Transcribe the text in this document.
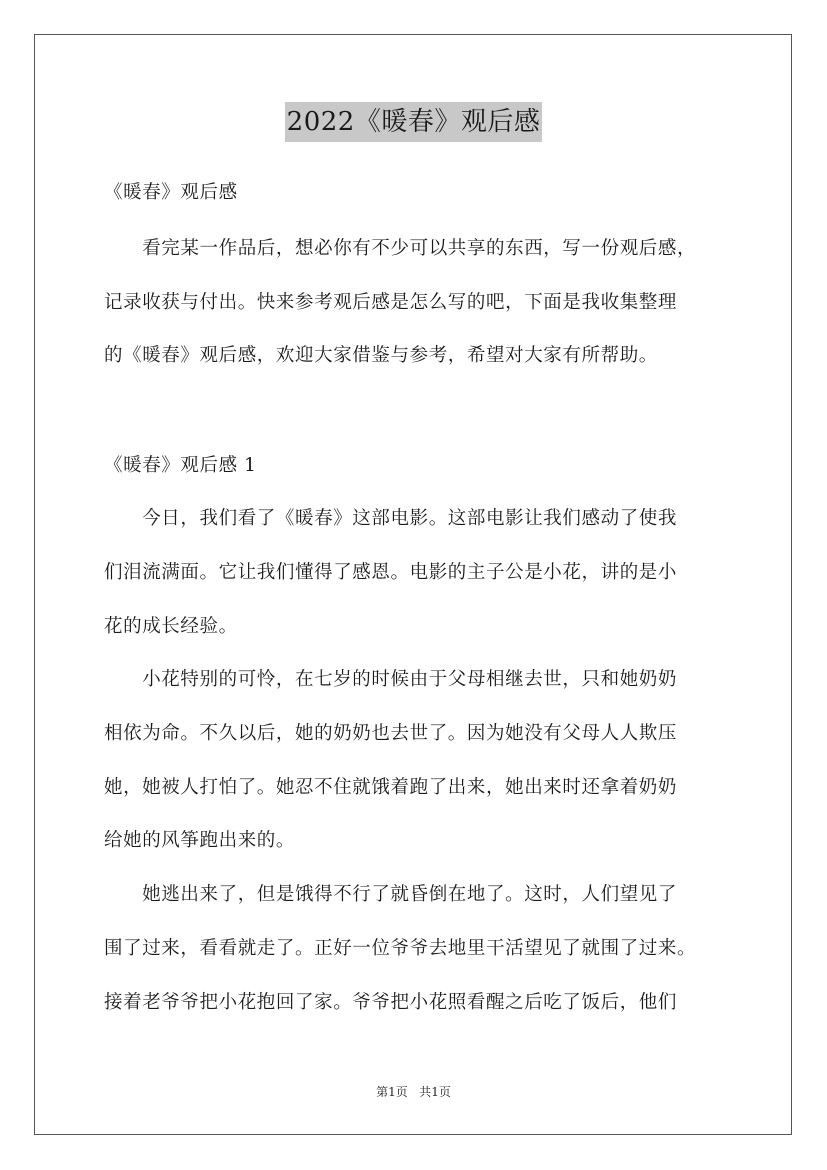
2022《暖春》观后感
《暖春》观后感
　　看完某一作品后，想必你有不少可以共享的东西，写一份观后感，
记录收获与付出。快来参考观后感是怎么写的吧，下面是我收集整理
的《暖春》观后感，欢迎大家借鉴与参考，希望对大家有所帮助。
《暖春》观后感 1
　　今日，我们看了《暖春》这部电影。这部电影让我们感动了使我
们泪流满面。它让我们懂得了感恩。电影的主子公是小花，讲的是小
花的成长经验。
　　小花特别的可怜，在七岁的时候由于父母相继去世，只和她奶奶
相依为命。不久以后，她的奶奶也去世了。因为她没有父母人人欺压
她，她被人打怕了。她忍不住就饿着跑了出来，她出来时还拿着奶奶
给她的风筝跑出来的。
　　她逃出来了，但是饿得不行了就昏倒在地了。这时，人们望见了
围了过来，看看就走了。正好一位爷爷去地里干活望见了就围了过来。
接着老爷爷把小花抱回了家。爷爷把小花照看醒之后吃了饭后，他们
第1页   共1页
